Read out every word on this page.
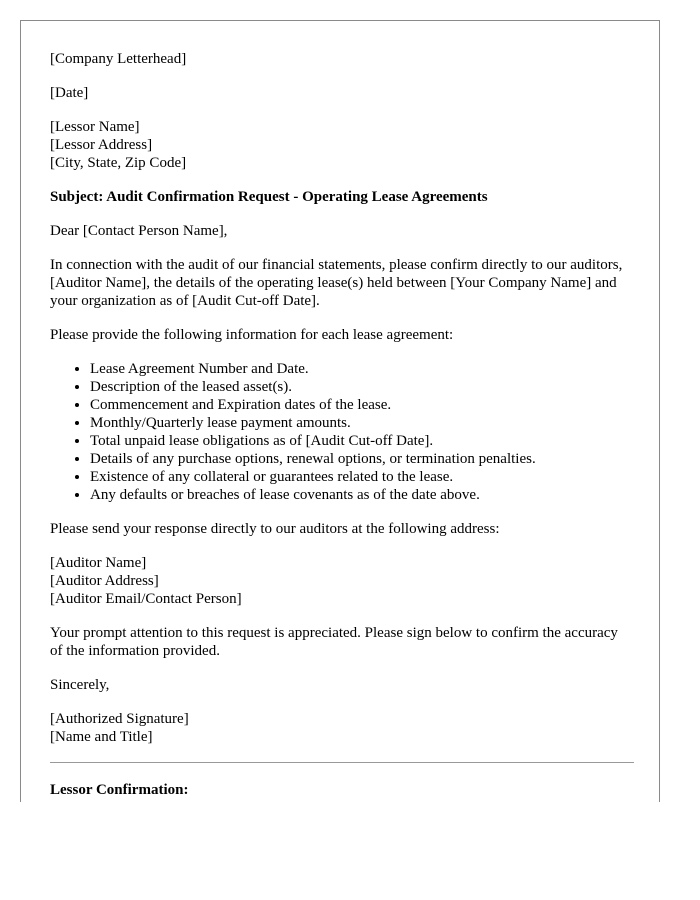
[Company Letterhead]
[Date]
[Lessor Name]
[Lessor Address]
[City, State, Zip Code]
Subject: Audit Confirmation Request - Operating Lease Agreements
Dear [Contact Person Name],

In connection with the audit of our financial statements, please confirm directly to our auditors, [Auditor Name], the details of the operating lease(s) held between [Your Company Name] and your organization as of [Audit Cut-off Date].

Please provide the following information for each lease agreement:

• Lease Agreement Number and Date.
• Description of the leased asset(s).
• Commencement and Expiration dates of the lease.
• Monthly/Quarterly lease payment amounts.
• Total unpaid lease obligations as of [Audit Cut-off Date].
• Details of any purchase options, renewal options, or termination penalties.
• Existence of any collateral or guarantees related to the lease.
• Any defaults or breaches of lease covenants as of the date above.

Please send your response directly to our auditors at the following address:

[Auditor Name]
[Auditor Address]
[Auditor Email/Contact Person]

Your prompt attention to this request is appreciated. Please sign below to confirm the accuracy of the information provided.

Sincerely,
[Authorized Signature]
[Name and Title]
Lessor Confirmation:
